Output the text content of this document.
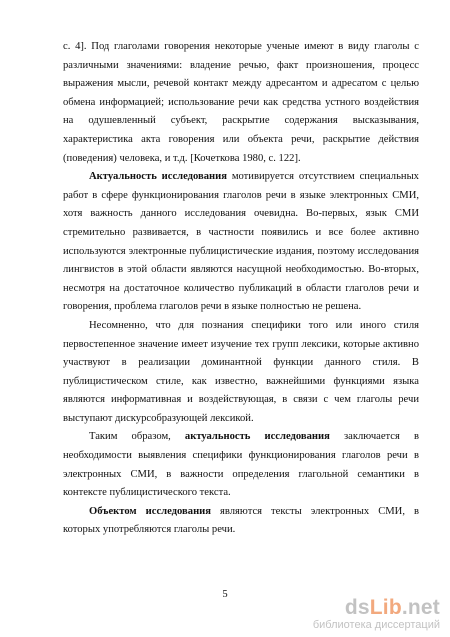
с. 4]. Под глаголами говорения некоторые ученые имеют в виду глаголы с различными значениями: владение речью, факт произношения, процесс выражения мысли, речевой контакт между адресантом и адресатом с целью обмена информацией; использование речи как средства устного воздействия на одушевленный субъект, раскрытие содержания высказывания, характеристика акта говорения или объекта речи, раскрытие действия (поведения) человека, и т.д. [Кочеткова 1980, с. 122].

Актуальность исследования мотивируется отсутствием специальных работ в сфере функционирования глаголов речи в языке электронных СМИ, хотя важность данного исследования очевидна. Во-первых, язык СМИ стремительно развивается, в частности появились и все более активно используются электронные публицистические издания, поэтому исследования лингвистов в этой области являются насущной необходимостью. Во-вторых, несмотря на достаточное количество публикаций в области глаголов речи и говорения, проблема глаголов речи в языке полностью не решена.

Несомненно, что для познания специфики того или иного стиля первостепенное значение имеет изучение тех групп лексики, которые активно участвуют в реализации доминантной функции данного стиля. В публицистическом стиле, как известно, важнейшими функциями языка являются информативная и воздействующая, в связи с чем глаголы речи выступают дискурсобразующей лексикой.

Таким образом, актуальность исследования заключается в необходимости выявления специфики функционирования глаголов речи в электронных СМИ, в важности определения глагольной семантики в контексте публицистического текста.

Объектом исследования являются тексты электронных СМИ, в которых употребляются глаголы речи.

5
dsLib.net
библиотека диссертаций
